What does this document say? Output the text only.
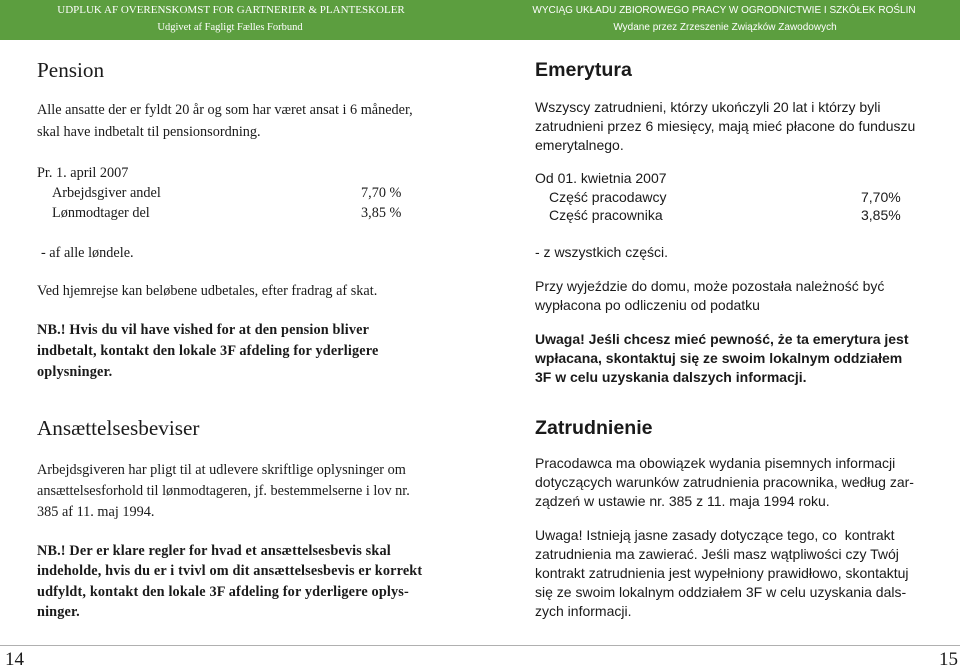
UDPLUK AF OVERENSKOMST FOR GARTNERIER & PLANTESKOLER
Udgivet af Fagligt Fælles Forbund
WYCIĄG UKŁADU ZBIOROWEGO PRACY W OGRODNICTWIE I SZKÓŁEK ROŚLIN
Wydane przez Zrzeszenie Związków Zawodowych
Pension
Alle ansatte der er fyldt 20 år og som har været ansat i 6 måneder,
skal have indbetalt til pensionsordning.
Pr. 1. april 2007
Arbejdsgiver andel	7,70 %
Lønmodtager del	3,85 %
- af alle løndele.
Ved hjemrejse kan beløbene udbetales, efter fradrag af skat.
NB.! Hvis du vil have vished for at den pension bliver
indbetalt, kontakt den lokale 3F afdeling for yderligere
oplysninger.
Ansættelsesbeviser
Arbejdsgiveren har pligt til at udlevere skriftlige oplysninger om
ansættelsesforhold til lønmodtageren, jf. bestemmelserne i lov nr.
385 af 11. maj 1994.
NB.! Der er klare regler for hvad et ansættelsesbevis skal
indeholde, hvis du er i tvivl om dit ansættelsesbevis er korrekt
udfyldt, kontakt den lokale 3F afdeling for yderligere oplys-
ninger.
Emerytura
Wszyscy zatrudnieni, którzy ukończyli 20 lat i którzy byli
zatrudnieni przez 6 miesięcy, mają mieć płacone do funduszu
emerytalnego.
Od 01. kwietnia 2007
Część pracodawcy	7,70%
Część pracownika	3,85%
- z wszystkich części.
Przy wyjeździe do domu, może pozostała należność być
wypłacona po odliczeniu od podatku
Uwaga! Jeśli chcesz mieć pewność, że ta emerytura jest
wpłacana, skontaktuj się ze swoim lokalnym oddziałem
3F w celu uzyskania dalszych informacji.
Zatrudnienie
Pracodawca ma obowiązek wydania pisemnych informacji
dotyczących warunków zatrudnienia pracownika, według zar-
ządzeń w ustawie nr. 385 z 11. maja 1994 roku.
Uwaga! Istnieją jasne zasady dotyczące tego, co  kontrakt
zatrudnienia ma zawierać. Jeśli masz wątpliwości czy Twój
kontrakt zatrudnienia jest wypełniony prawidłowo, skontaktuj
się ze swoim lokalnym oddziałem 3F w celu uzyskania dals-
zych informacji.
14	15
